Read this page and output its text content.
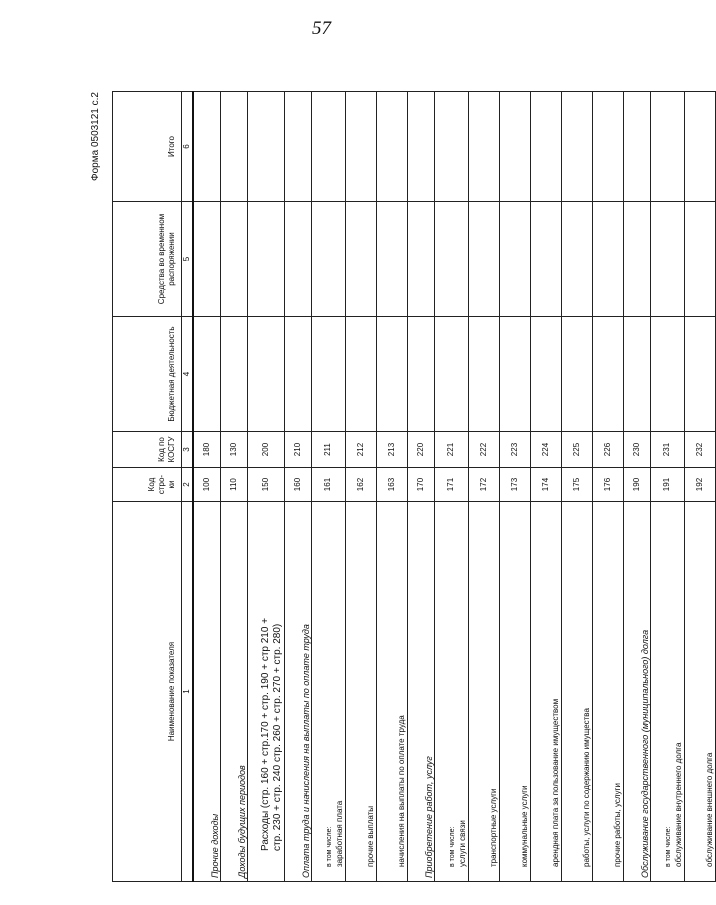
57
Форма 0503121 с.2
Наименование показателя	Код стро- ки	Код по КОСГУ	Бюджетная деятельность	Средства во временном распоряжении	Итого
1	2	3	4	5	6
Прочие доходы	100	180			
Доходы будущих периодов	110	130			

Расходы (стр. 160 + стр.170 + стр. 190 + стр 210 + стр. 230 + стр. 240 стр. 260 + стр. 270 + стр. 280)	150	200			
Оплата труда и начисления на выплаты по оплате труда	160	210			

в том числе: заработная плата	161	211			
прочие выплаты	162	212			
начисления на выплаты по оплате труда	163	213			
Приобретение работ, услуг	170	220			

в том числе: услуги связи	171	221			
транспортные услуги	172	222			
коммунальные услуги	173	223			
арендная плата за пользование имуществом	174	224			
работы, услуги по содержанию имущества	175	225			
прочие работы, услуги	176	226			
Обслуживание государственного (муниципального) долга	190	230			

в том числе: обслуживание внутреннего долга	191	231			
обслуживание внешнего долга	192	232			
